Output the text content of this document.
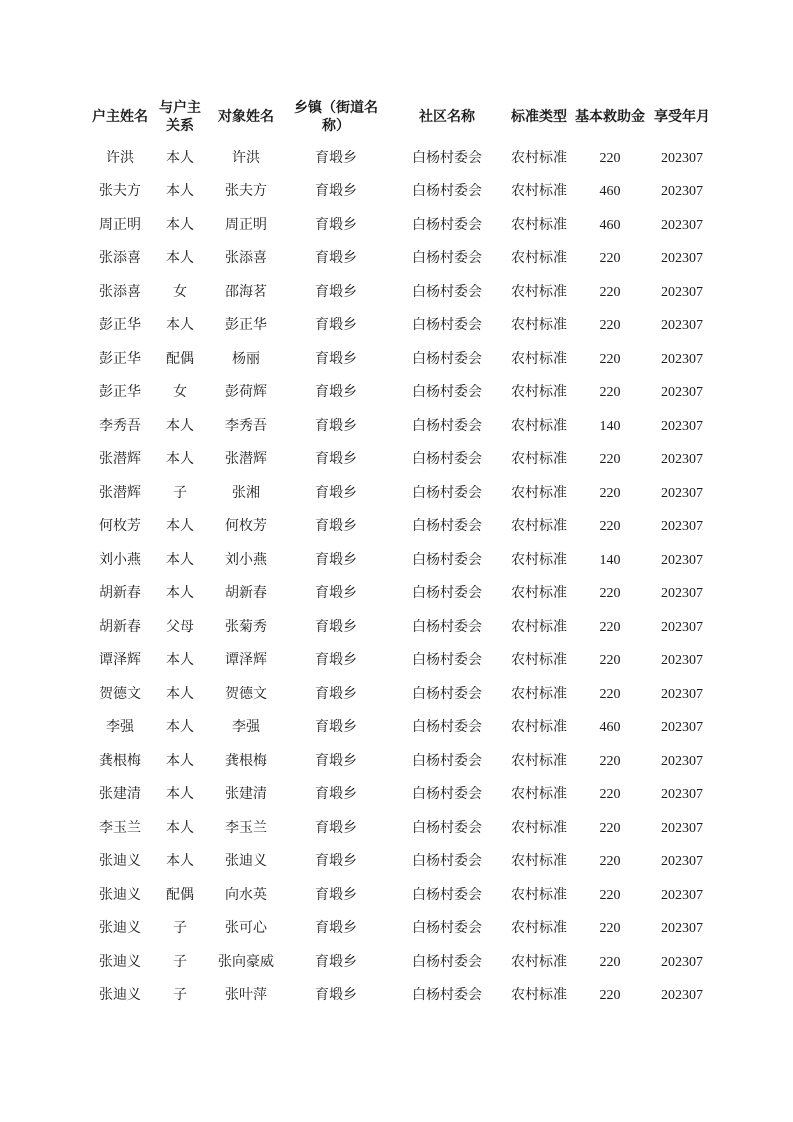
户主姓名	与户主关系	对象姓名	乡镇（街道名称）	社区名称	标准类型	基本救助金	享受年月
许洪	本人	许洪	育塅乡	白杨村委会	农村标准	220	202307
张夫方	本人	张夫方	育塅乡	白杨村委会	农村标准	460	202307
周正明	本人	周正明	育塅乡	白杨村委会	农村标准	460	202307
张添喜	本人	张添喜	育塅乡	白杨村委会	农村标准	220	202307
张添喜	女	邵海茗	育塅乡	白杨村委会	农村标准	220	202307
彭正华	本人	彭正华	育塅乡	白杨村委会	农村标准	220	202307
彭正华	配偶	杨丽	育塅乡	白杨村委会	农村标准	220	202307
彭正华	女	彭荷辉	育塅乡	白杨村委会	农村标准	220	202307
李秀吾	本人	李秀吾	育塅乡	白杨村委会	农村标准	140	202307
张潜辉	本人	张潜辉	育塅乡	白杨村委会	农村标准	220	202307
张潜辉	子	张湘	育塅乡	白杨村委会	农村标准	220	202307
何枚芳	本人	何枚芳	育塅乡	白杨村委会	农村标准	220	202307
刘小燕	本人	刘小燕	育塅乡	白杨村委会	农村标准	140	202307
胡新春	本人	胡新春	育塅乡	白杨村委会	农村标准	220	202307
胡新春	父母	张菊秀	育塅乡	白杨村委会	农村标准	220	202307
谭泽辉	本人	谭泽辉	育塅乡	白杨村委会	农村标准	220	202307
贺德文	本人	贺德文	育塅乡	白杨村委会	农村标准	220	202307
李强	本人	李强	育塅乡	白杨村委会	农村标准	460	202307
龚根梅	本人	龚根梅	育塅乡	白杨村委会	农村标准	220	202307
张建清	本人	张建清	育塅乡	白杨村委会	农村标准	220	202307
李玉兰	本人	李玉兰	育塅乡	白杨村委会	农村标准	220	202307
张迪义	本人	张迪义	育塅乡	白杨村委会	农村标准	220	202307
张迪义	配偶	向水英	育塅乡	白杨村委会	农村标准	220	202307
张迪义	子	张可心	育塅乡	白杨村委会	农村标准	220	202307
张迪义	子	张向豪威	育塅乡	白杨村委会	农村标准	220	202307
张迪义	子	张叶萍	育塅乡	白杨村委会	农村标准	220	202307
